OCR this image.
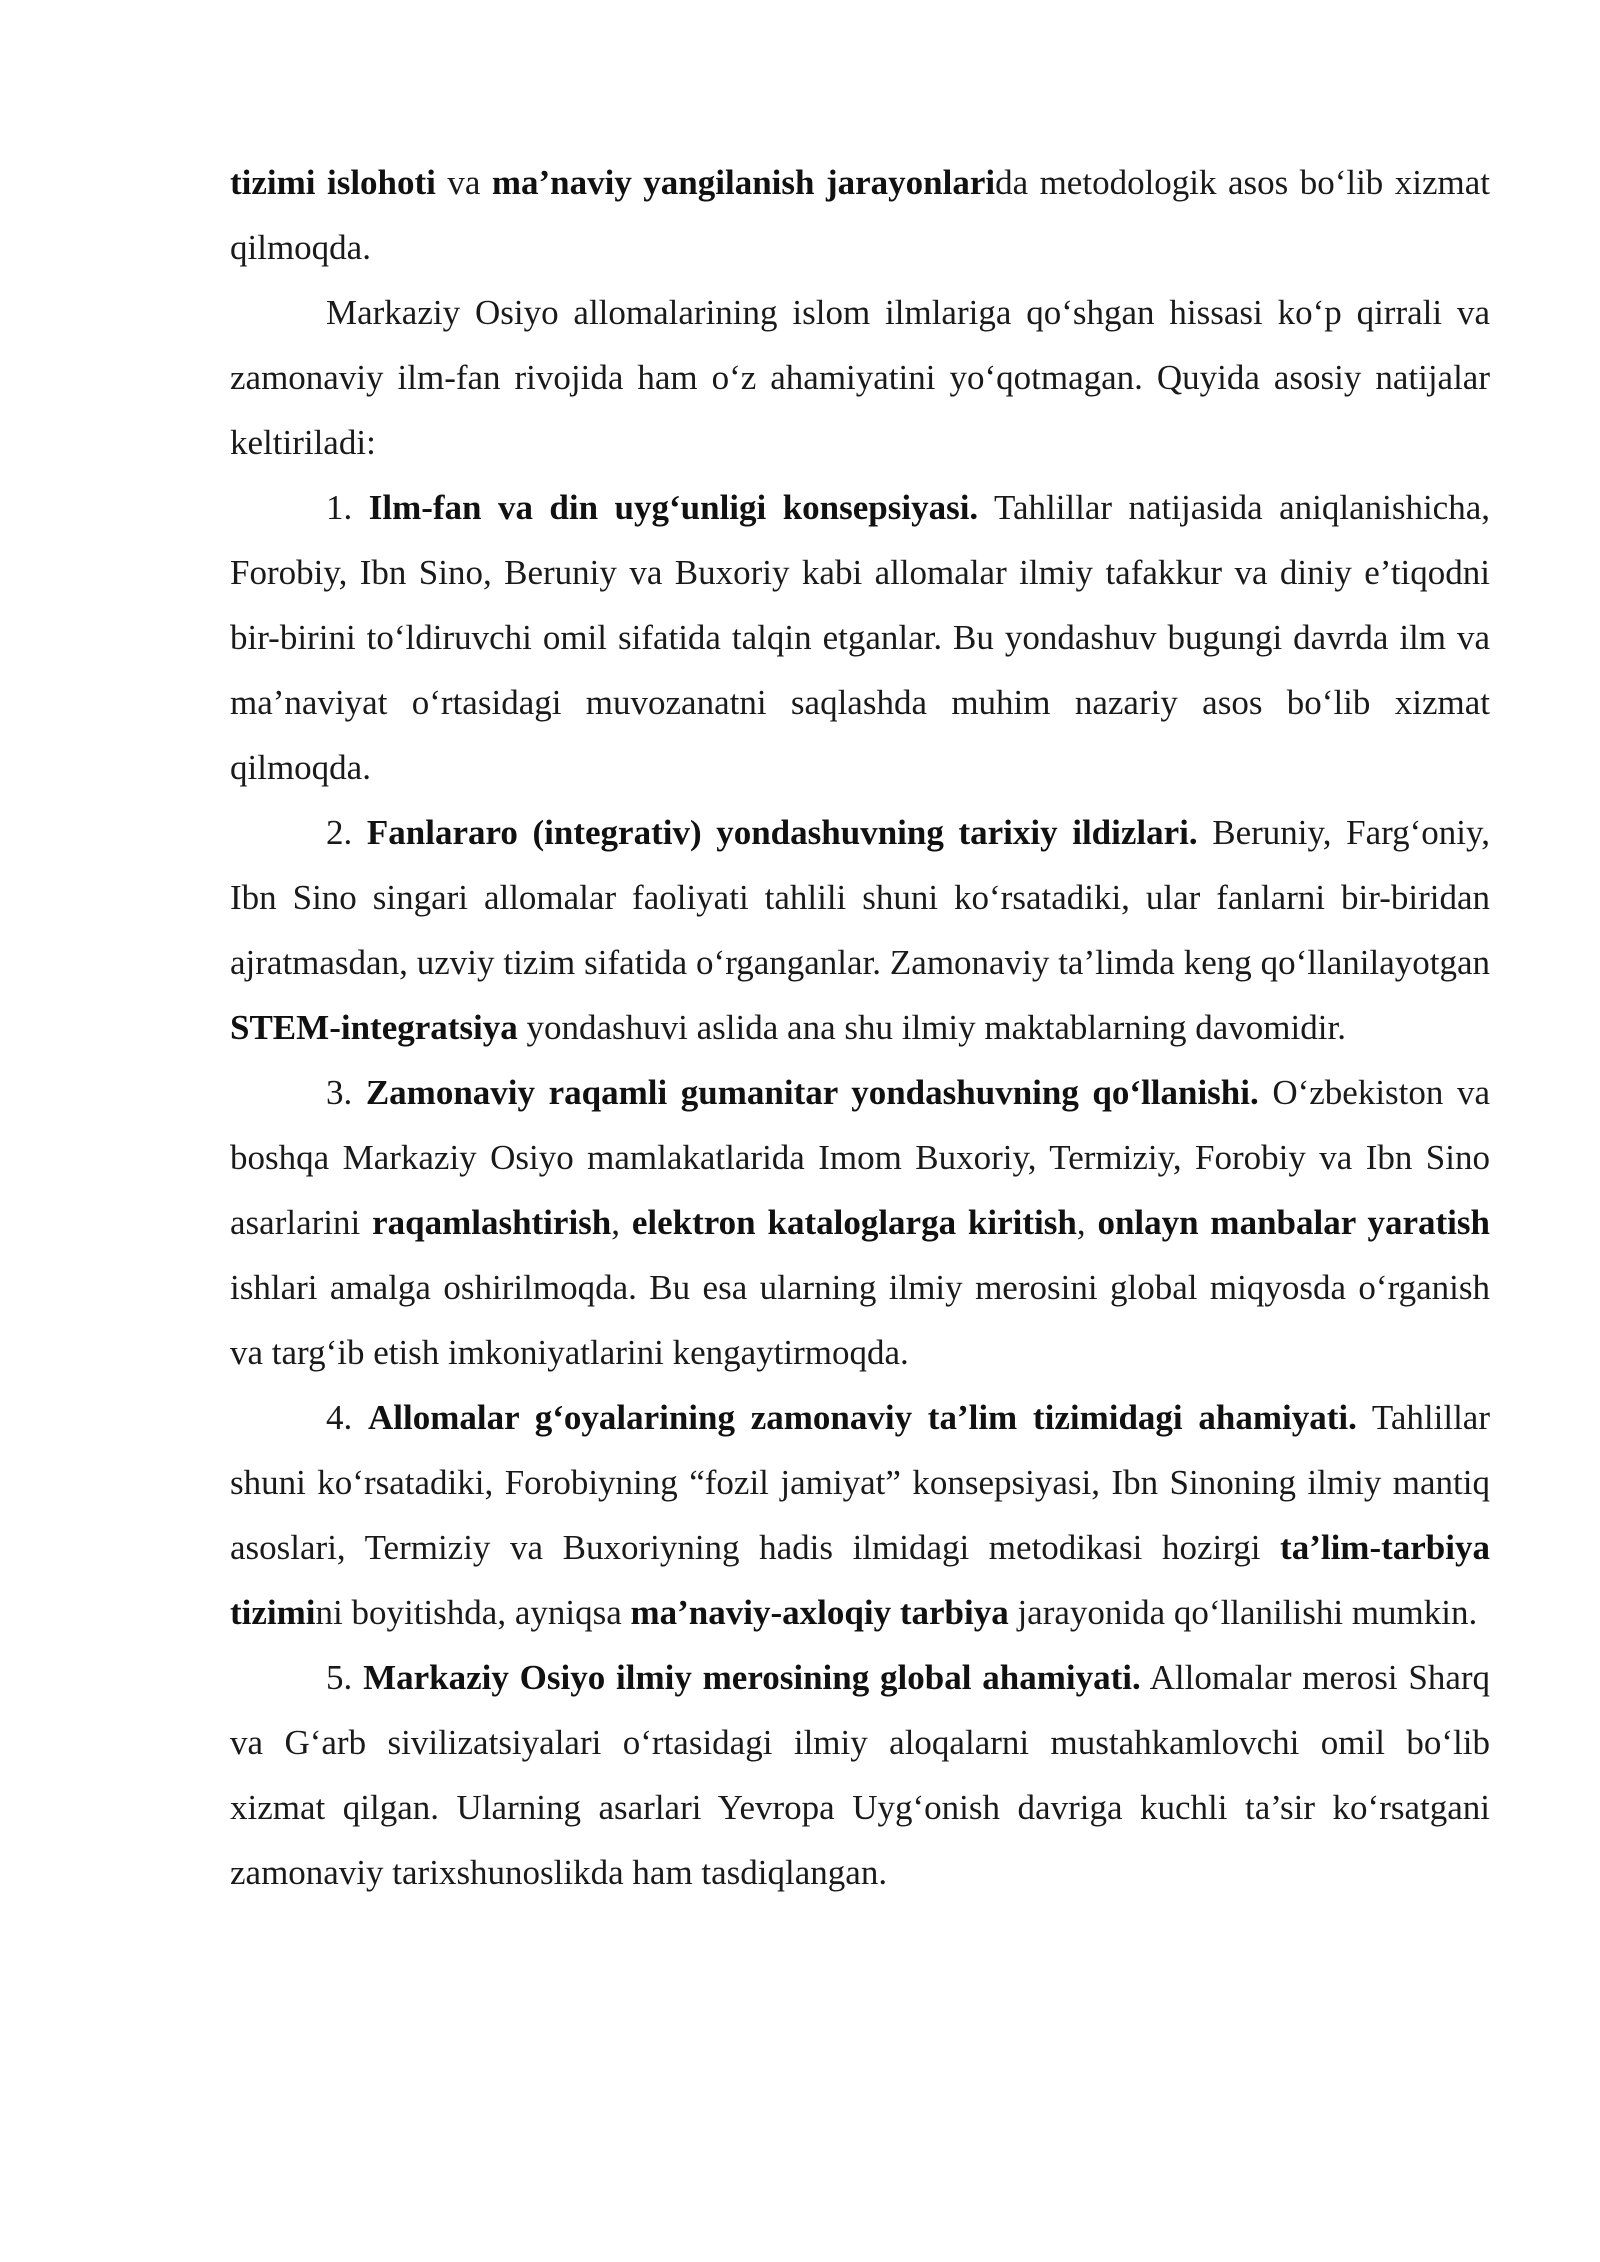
tizimi islohoti va ma’naviy yangilanish jarayonlarida metodologik asos bo‘lib xizmat qilmoqda.

Markaziy Osiyo allomalarining islom ilmlariga qo‘shgan hissasi ko‘p qirrali va zamonaviy ilm-fan rivojida ham o‘z ahamiyatini yo‘qotmagan. Quyida asosiy natijalar keltiriladi:

1. Ilm-fan va din uyg‘unligi konsepsiyasi. Tahlillar natijasida aniqlanishicha, Forobiy, Ibn Sino, Beruniy va Buxoriy kabi allomalar ilmiy tafakkur va diniy e’tiqodni bir-birini to‘ldiruvchi omil sifatida talqin etganlar. Bu yondashuv bugungi davrda ilm va ma’naviyat o‘rtasidagi muvozanatni saqlashda muhim nazariy asos bo‘lib xizmat qilmoqda.

2. Fanlararo (integrativ) yondashuvning tarixiy ildizlari. Beruniy, Farg‘oniy, Ibn Sino singari allomalar faoliyati tahlili shuni ko‘rsatadiki, ular fanlarni bir-biridan ajratmasdan, uzviy tizim sifatida o‘rganganlar. Zamonaviy ta’limda keng qo‘llanilayotgan STEM-integratsiya yondashuvi aslida ana shu ilmiy maktablarning davomidir.

3. Zamonaviy raqamli gumanitar yondashuvning qo‘llanishi. O‘zbekiston va boshqa Markaziy Osiyo mamlakatlarida Imom Buxoriy, Termiziy, Forobiy va Ibn Sino asarlarini raqamlashtirish, elektron kataloglarga kiritish, onlayn manbalar yaratish ishlari amalga oshirilmoqda. Bu esa ularning ilmiy merosini global miqyosda o‘rganish va targ‘ib etish imkoniyatlarini kengaytirmoqda.

4. Allomalar g‘oyalarining zamonaviy ta’lim tizimidagi ahamiyati. Tahlillar shuni ko‘rsatadiki, Forobiyning “fozil jamiyat” konsepsiyasi, Ibn Sinoning ilmiy mantiq asoslari, Termiziy va Buxoriyning hadis ilmidagi metodikasi hozirgi ta’lim-tarbiya tizimini boyitishda, ayniqsa ma’naviy-axloqiy tarbiya jarayonida qo‘llanilishi mumkin.

5. Markaziy Osiyo ilmiy merosining global ahamiyati. Allomalar merosi Sharq va G‘arb sivilizatsiyalari o‘rtasidagi ilmiy aloqalarni mustahkamlovchi omil bo‘lib xizmat qilgan. Ularning asarlari Yevropa Uyg‘onish davriga kuchli ta’sir ko‘rsatgani zamonaviy tarixshunoslikda ham tasdiqlangan.
